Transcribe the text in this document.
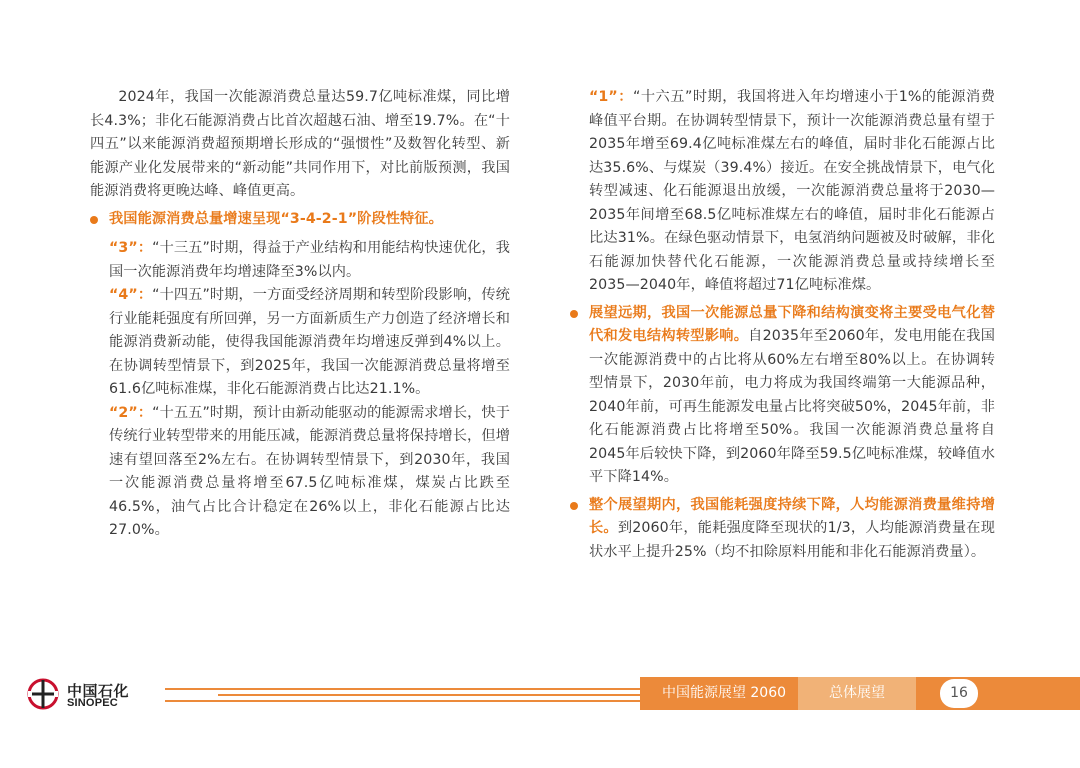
2024年，我国一次能源消费总量达59.7亿吨标准煤，同比增长4.3%；非化石能源消费占比首次超越石油、增至19.7%。在“十四五”以来能源消费超预期增长形成的“强惯性”及数智化转型、新能源产业化发展带来的“新动能”共同作用下，对比前版预测，我国能源消费将更晚达峰、峰值更高。

我国能源消费总量增速呈现“3-4-2-1”阶段性特征。

“3”：“十三五”时期，得益于产业结构和用能结构快速优化，我国一次能源消费年均增速降至3%以内。

“4”：“十四五”时期，一方面受经济周期和转型阶段影响，传统行业能耗强度有所回弹，另一方面新质生产力创造了经济增长和能源消费新动能，使得我国能源消费年均增速反弹到4%以上。在协调转型情景下，到2025年，我国一次能源消费总量将增至61.6亿吨标准煤，非化石能源消费占比达21.1%。

“2”：“十五五”时期，预计由新动能驱动的能源需求增长，快于传统行业转型带来的用能压减，能源消费总量将保持增长，但增速有望回落至2%左右。在协调转型情景下，到2030年，我国一次能源消费总量将增至67.5亿吨标准煤，煤炭占比跌至46.5%，油气占比合计稳定在26%以上，非化石能源占比达27.0%。

“1”：“十六五”时期，我国将进入年均增速小于1%的能源消费峰值平台期。在协调转型情景下，预计一次能源消费总量有望于2035年增至69.4亿吨标准煤左右的峰值，届时非化石能源占比达35.6%、与煤炭（39.4%）接近。在安全挑战情景下，电气化转型减速、化石能源退出放缓，一次能源消费总量将于2030—2035年间增至68.5亿吨标准煤左右的峰值，届时非化石能源占比达31%。在绿色驱动情景下，电氢消纳问题被及时破解，非化石能源加快替代化石能源，一次能源消费总量或持续增长至2035—2040年，峰值将超过71亿吨标准煤。

展望远期，我国一次能源总量下降和结构演变将主要受电气化替代和发电结构转型影响。自2035年至2060年，发电用能在我国一次能源消费中的占比将从60%左右增至80%以上。在协调转型情景下，2030年前，电力将成为我国终端第一大能源品种，2040年前，可再生能源发电量占比将突破50%，2045年前，非化石能源消费占比将增至50%。我国一次能源消费总量将自2045年后较快下降，到2060年降至59.5亿吨标准煤，较峰值水平下降14%。

整个展望期内，我国能耗强度持续下降，人均能源消费量维持增长。到2060年，能耗强度降至现状的1/3，人均能源消费量在现状水平上提升25%（均不扣除原料用能和非化石能源消费量）。

中国石化
SINOPEC
中国能源展望 2060	总体展望	16
